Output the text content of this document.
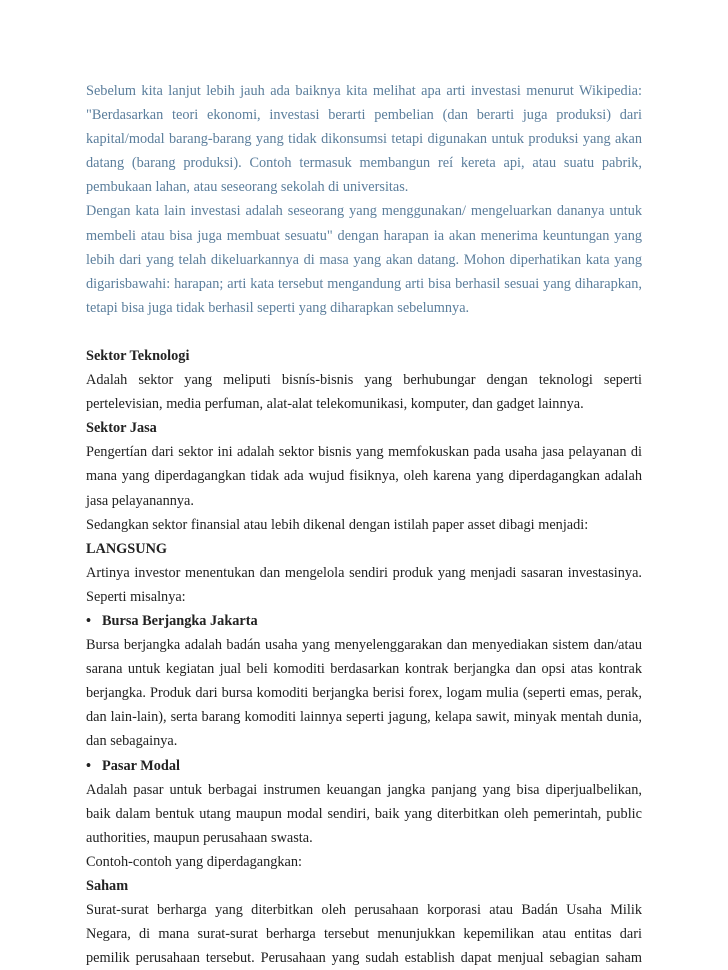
Sebelum kita lanjut lebih jauh ada baiknya kita melihat apa arti investasi menurut Wikipedia: "Berdasarkan teori ekonomi, investasi berarti pembelian (dan berarti juga produksi) dari kapital/modal barang-barang yang tidak dikonsumsi tetapi digunakan untuk produksi yang akan datang (barang produksi). Contoh termasuk membangun reí kereta api, atau suatu pabrik, pembukaan lahan, atau seseorang sekolah di universitas.

Dengan kata lain investasi adalah seseorang yang menggunakan/ mengeluarkan dananya untuk membeli atau bisa juga membuat sesuatu" dengan harapan ia akan menerima keuntungan yang lebih dari yang telah dikeluarkannya di masa yang akan datang. Mohon diperhatikan kata yang digarisbawahi: harapan; arti kata tersebut mengandung arti bisa berhasil sesuai yang diharapkan, tetapi bisa juga tidak berhasil seperti yang diharapkan sebelumnya.

Sektor Teknologi

Adalah sektor yang meliputi bisnís-bisnis yang berhubungar dengan teknologi seperti pertelevisian, media perfuman, alat-alat telekomunikasi, komputer, dan gadget lainnya.

Sektor Jasa

Pengertían dari sektor ini adalah sektor bisnis yang memfokuskan pada usaha jasa pelayanan di mana yang diperdagangkan tidak ada wujud fisiknya, oleh karena yang diperdagangkan adalah jasa pelayanannya.

Sedangkan sektor finansial atau lebih dikenal dengan istilah paper asset dibagi menjadi:

LANGSUNG

Artinya investor menentukan dan mengelola sendiri produk yang menjadi sasaran investasinya. Seperti misalnya:

• Bursa Berjangka Jakarta

Bursa berjangka adalah badán usaha yang menyelenggarakan dan menyediakan sistem dan/atau sarana untuk kegiatan jual beli komoditi berdasarkan kontrak berjangka dan opsi atas kontrak berjangka. Produk dari bursa komoditi berjangka berisi forex, logam mulia (seperti emas, perak, dan lain-lain), serta barang komoditi lainnya seperti jagung, kelapa sawit, minyak mentah dunia, dan sebagainya.

• Pasar Modal

Adalah pasar untuk berbagai instrumen keuangan jangka panjang yang bisa diperjualbelikan, baik dalam bentuk utang maupun modal sendiri, baik yang diterbitkan oleh pemerintah, public authorities, maupun perusahaan swasta.

Contoh-contoh yang diperdagangkan:

Saham

Surat-surat berharga yang diterbitkan oleh perusahaan korporasi atau Badán Usaha Milik Negara, di mana surat-surat berharga tersebut menunjukkan kepemilikan atau entitas dari pemilik perusahaan tersebut. Perusahaan yang sudah establish dapat menjual sebagian saham
